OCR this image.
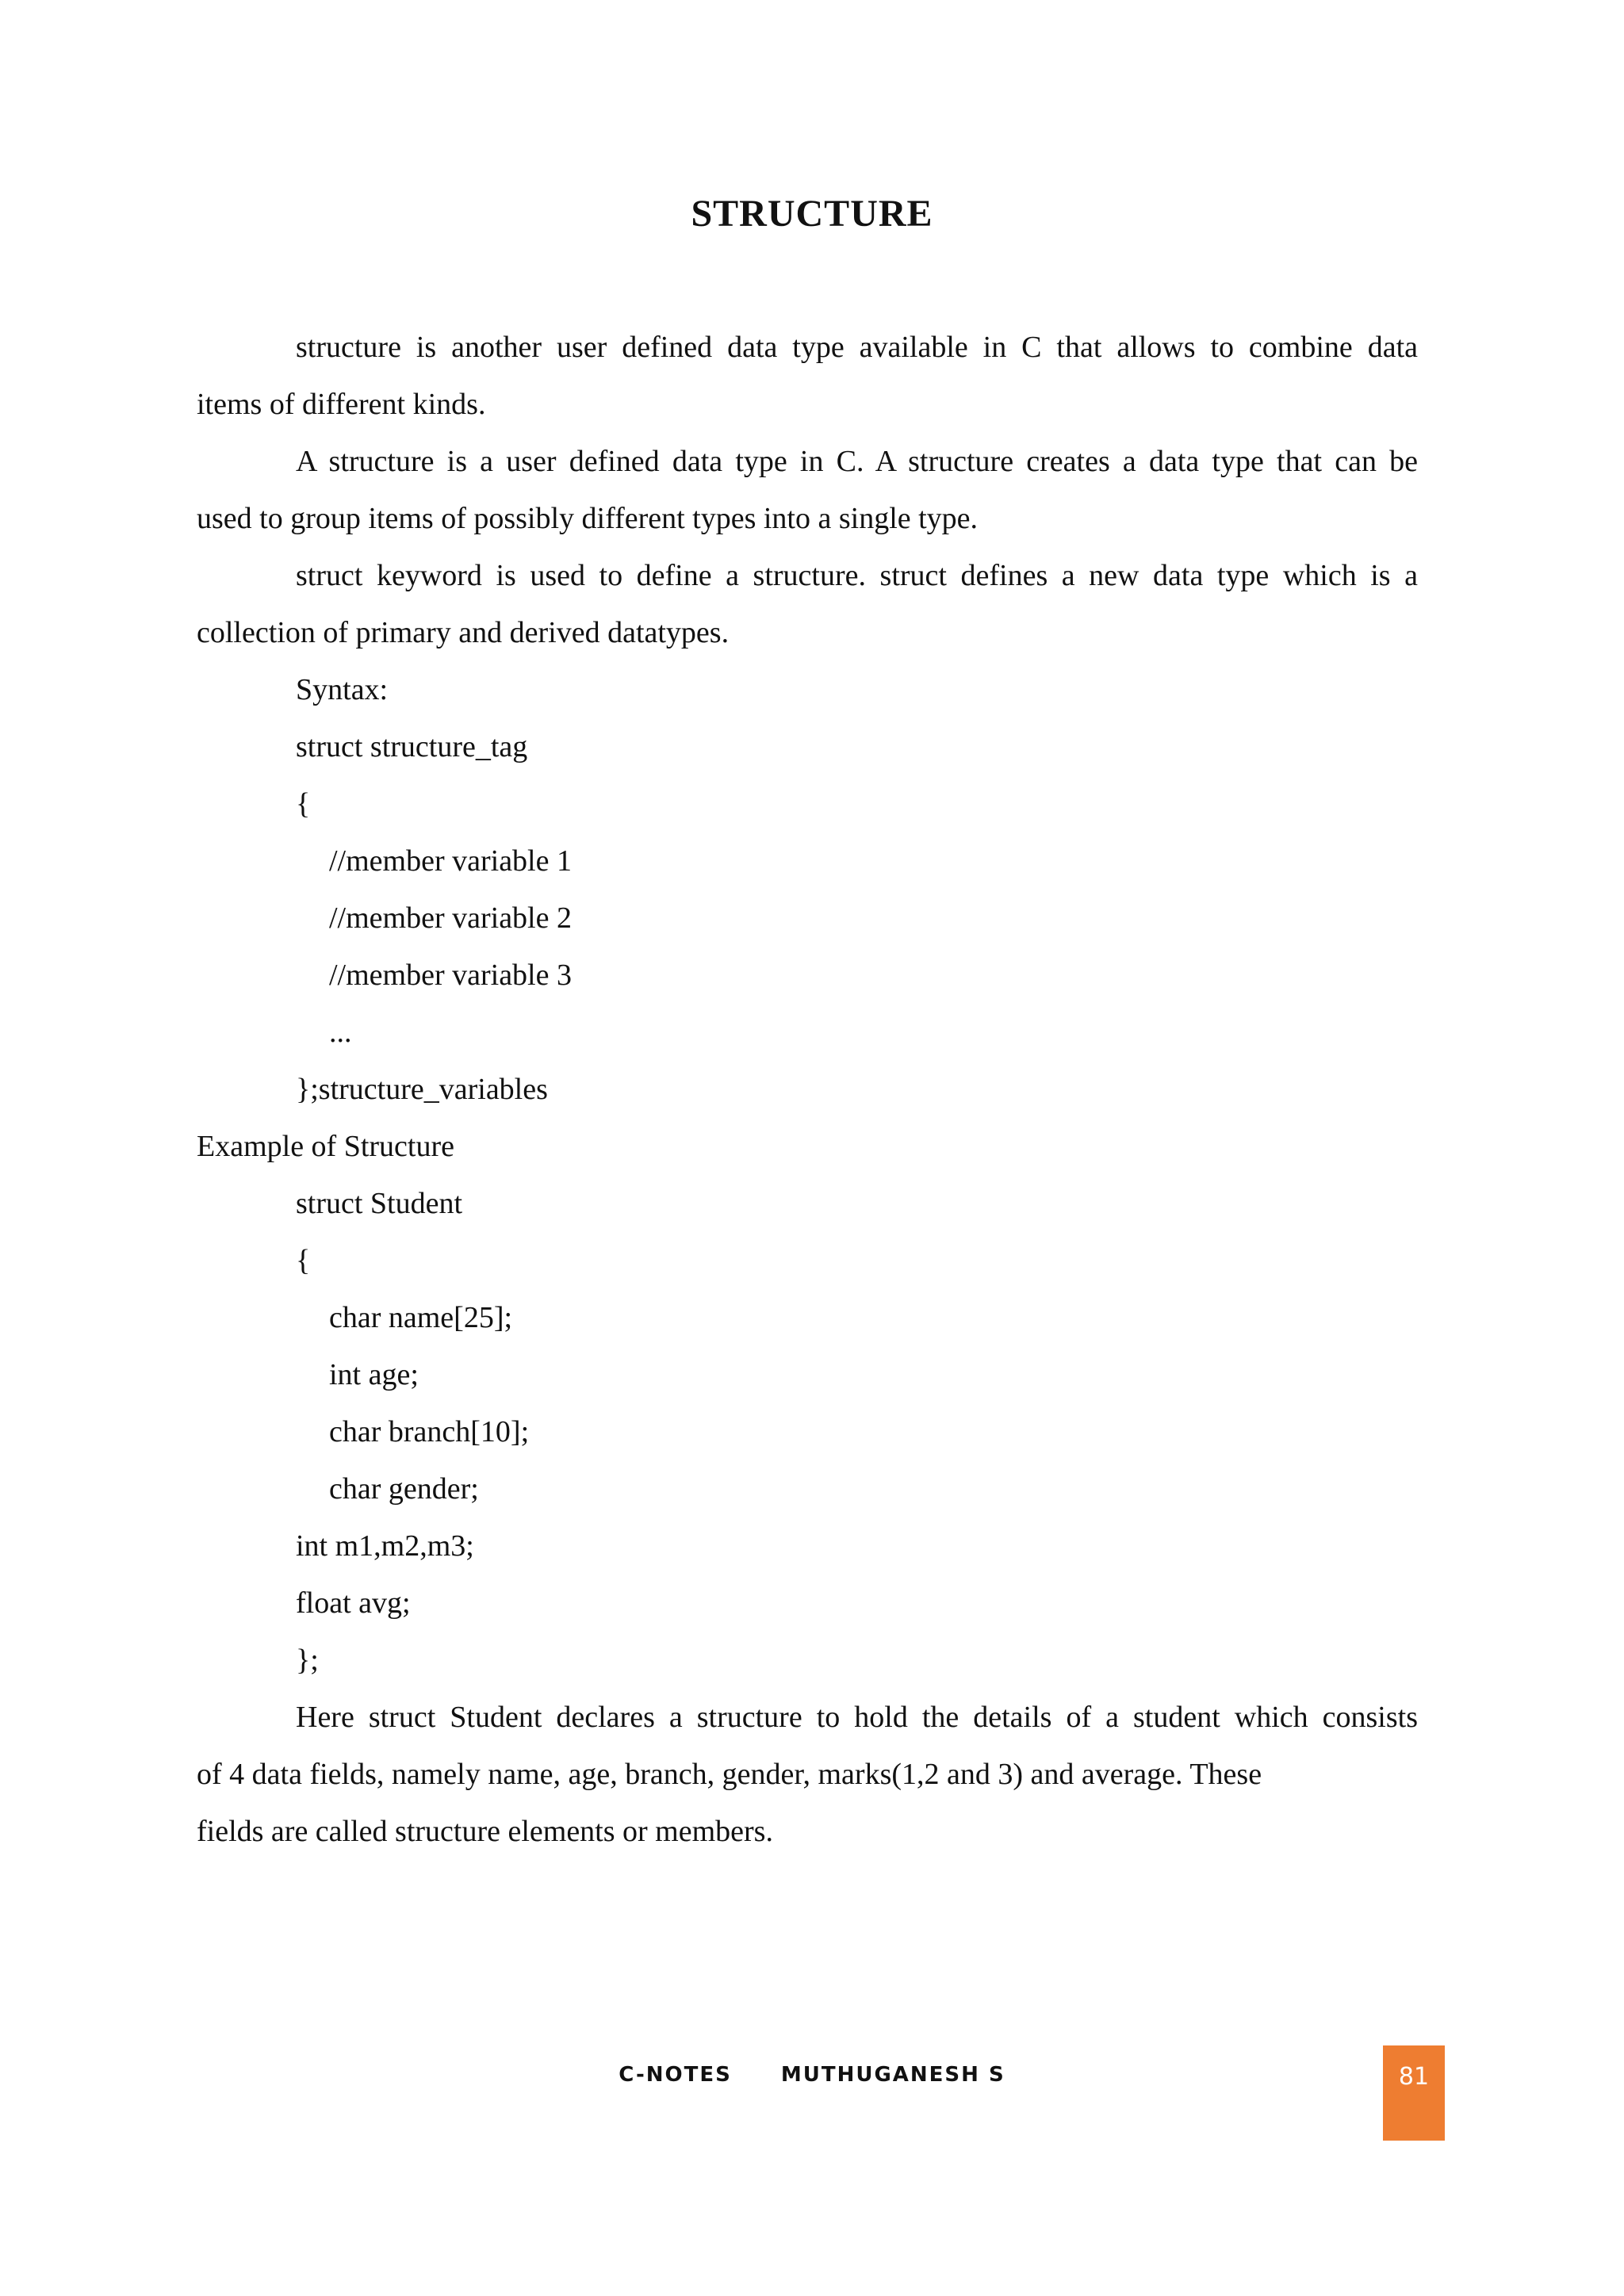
STRUCTURE
structure is another user defined data type available in C that allows to combine data
items of different kinds.
A structure is a user defined data type in C. A structure creates a data type that can be
used to group items of possibly different types into a single type.
struct keyword is used to define a structure. struct defines a new data type which is a
collection of primary and derived datatypes.
Syntax:
struct structure_tag
{
//member variable 1
//member variable 2
//member variable 3
...
};structure_variables
Example of Structure
struct Student
{
char name[25];
int age;
char branch[10];
char gender;
int m1,m2,m3;
float avg;
};
Here struct Student declares a structure to hold the details of a student which consists
of 4 data fields, namely name, age, branch, gender, marks(1,2 and 3) and average. These
fields are called structure elements or members.
C-NOTES MUTHUGANESH S	81
